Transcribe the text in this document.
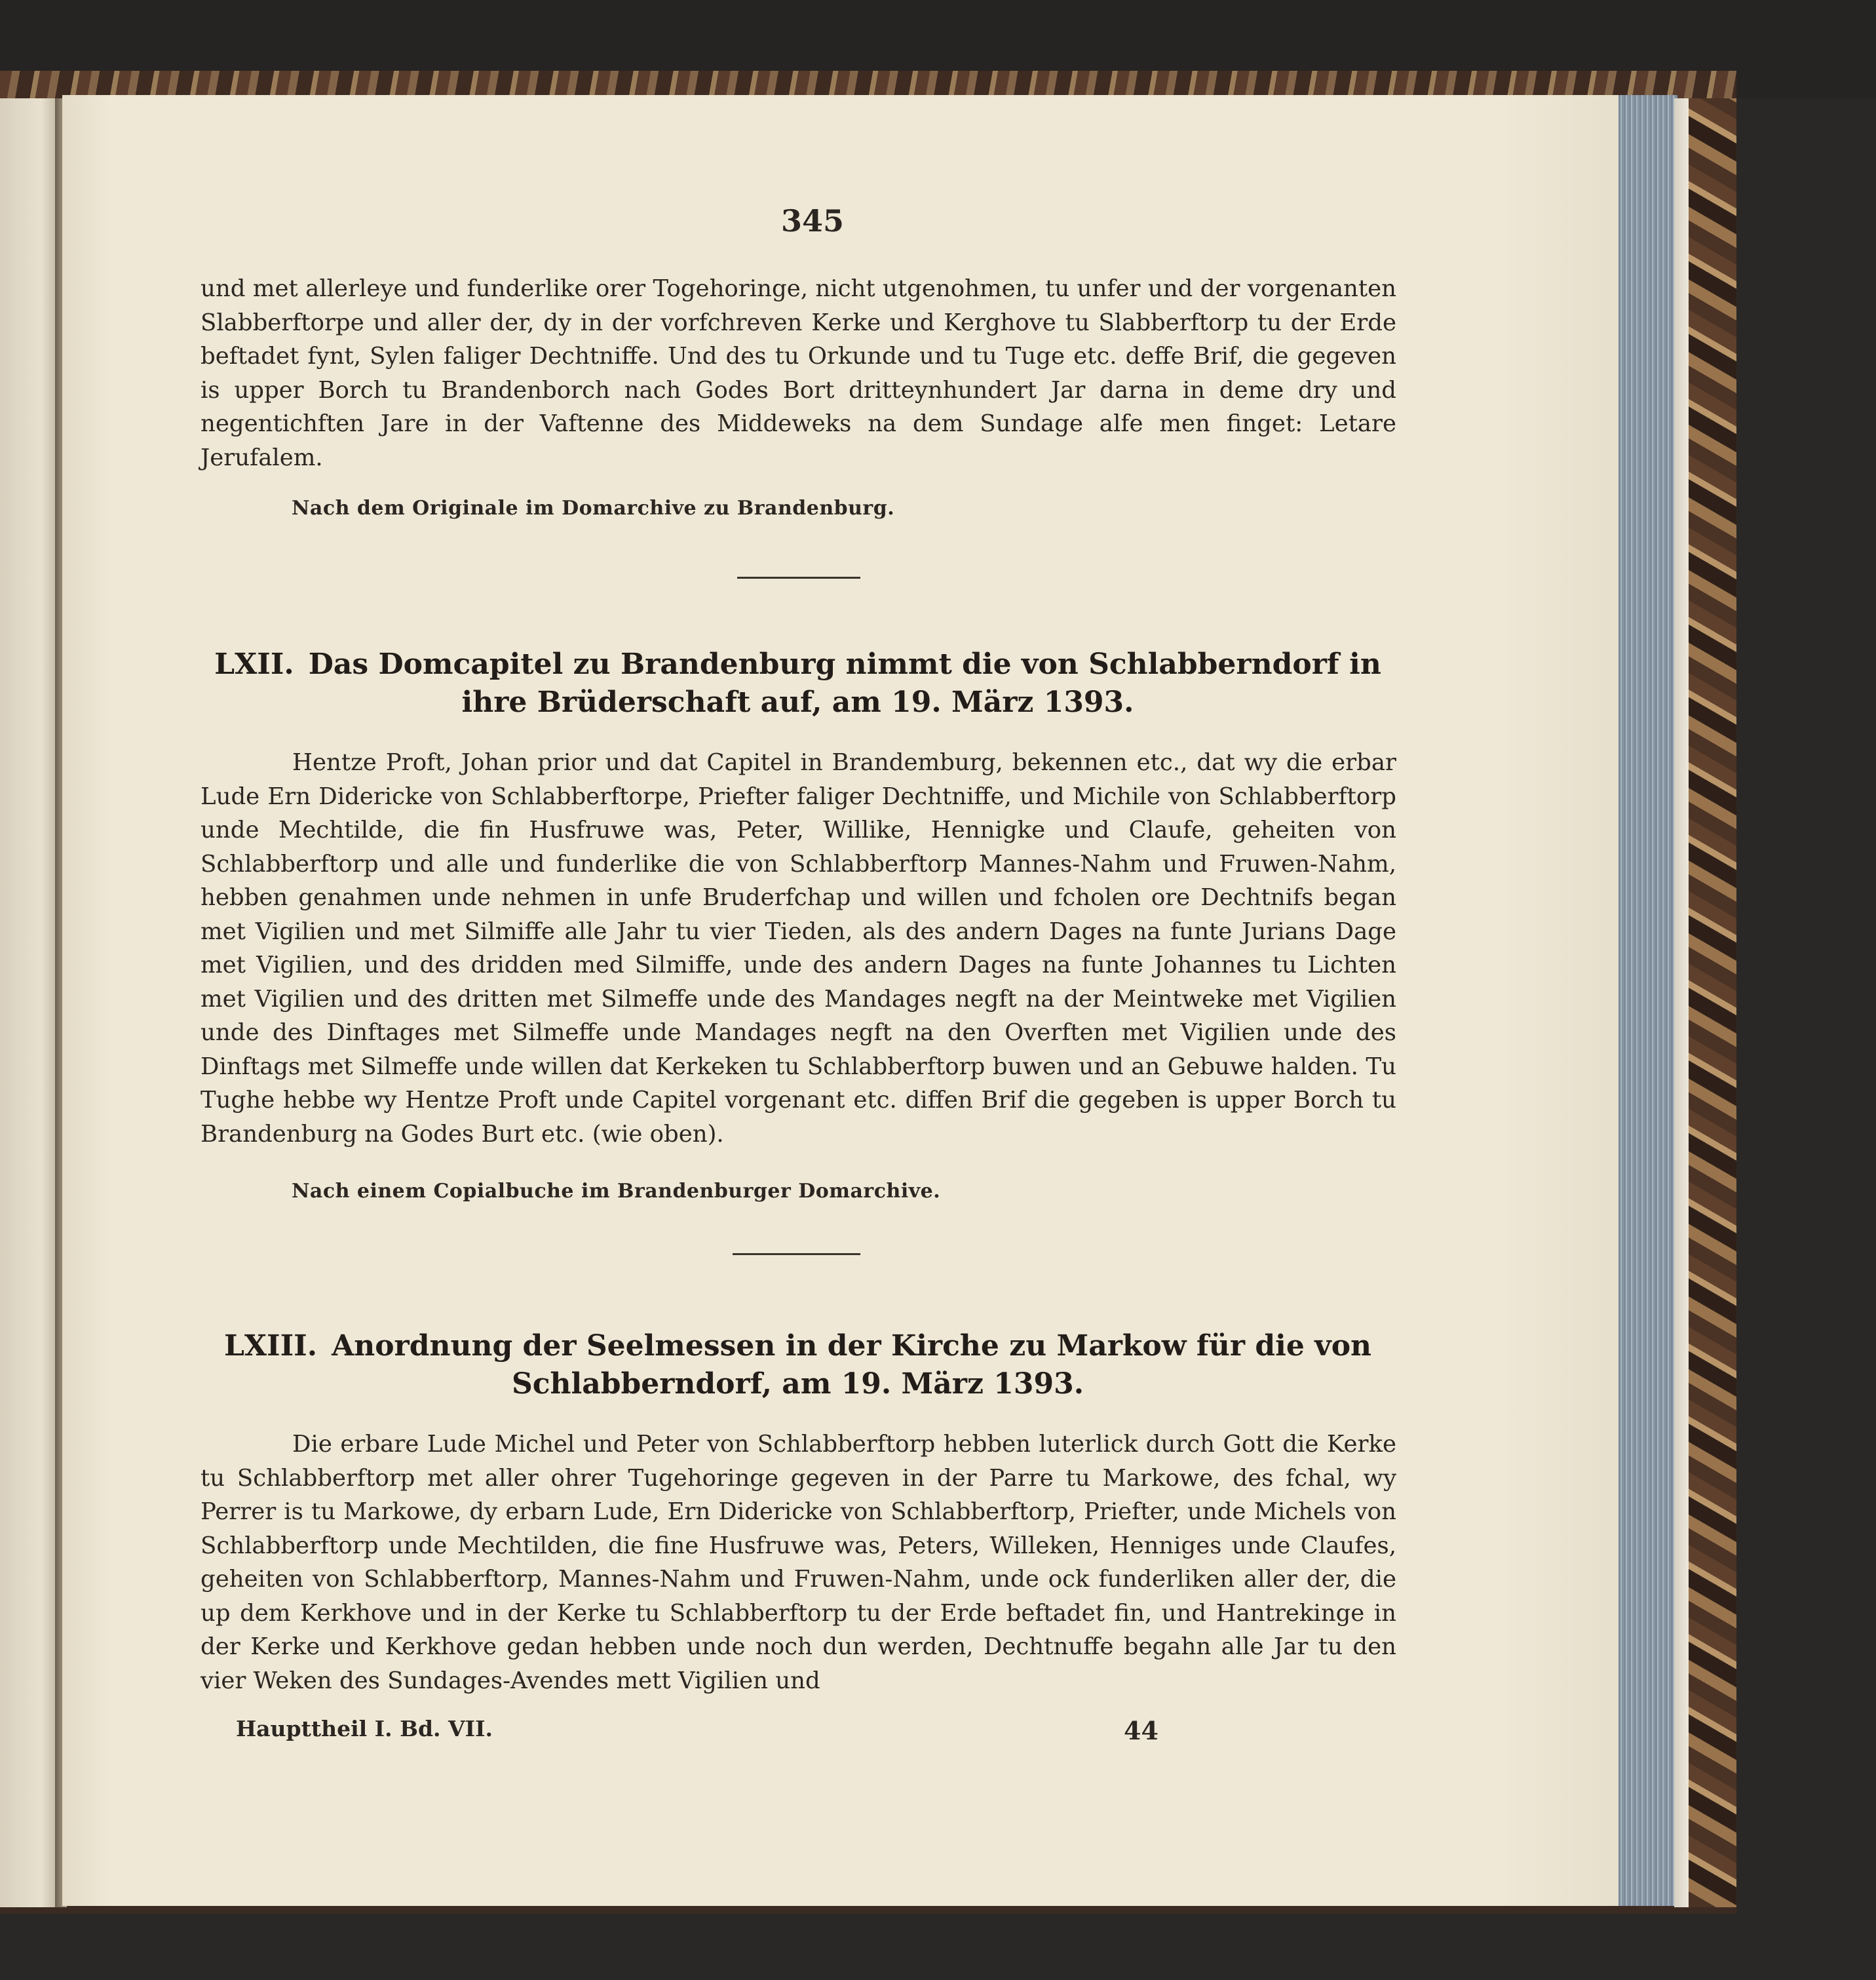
345

und met allerleye und funderlike orer Togehoringe, nicht utgenohmen, tu unfer und der vorgenanten Slabberftorpe und aller der, dy in der vorfchreven Kerke und Kerghove tu Slabberftorp tu der Erde beftadet fynt, Sylen faliger Dechtniffe. Und des tu Orkunde und tu Tuge etc. deffe Brif, die gegeven is upper Borch tu Brandenborch nach Godes Bort dritteynhundert Jar darna in deme dry und negentichften Jare in der Vaftenne des Middeweks na dem Sundage alfe men finget: Letare Jerufalem.

Nach dem Originale im Domarchive zu Brandenburg.
LXII. Das Domcapitel zu Brandenburg nimmt die von Schlabberndorf in ihre Brüderschaft auf, am 19. März 1393.

Hentze Proft, Johan prior und dat Capitel in Brandemburg, bekennen etc., dat wy die erbar Lude Ern Didericke von Schlabberftorpe, Priefter faliger Dechtniffe, und Michile von Schlabberftorp unde Mechtilde, die fin Husfruwe was, Peter, Willike, Hennigke und Claufe, geheiten von Schlabberftorp und alle und funderlike die von Schlabberftorp Mannes-Nahm und Fruwen-Nahm, hebben genahmen unde nehmen in unfe Bruderfchap und willen und fcholen ore Dechtnifs began met Vigilien und met Silmiffe alle Jahr tu vier Tieden, als des andern Dages na funte Jurians Dage met Vigilien, und des dridden med Silmiffe, unde des andern Dages na funte Johannes tu Lichten met Vigilien und des dritten met Silmeffe unde des Mandages negft na der Meintweke met Vigilien unde des Dinftages met Silmeffe unde Mandages negft na den Overften met Vigilien unde des Dinftags met Silmeffe unde willen dat Kerkeken tu Schlabberftorp buwen und an Gebuwe halden. Tu Tughe hebbe wy Hentze Proft unde Capitel vorgenant etc. diffen Brif die gegeben is upper Borch tu Brandenburg na Godes Burt etc. (wie oben).

Nach einem Copialbuche im Brandenburger Domarchive.
LXIII. Anordnung der Seelmessen in der Kirche zu Markow für die von Schlabberndorf, am 19. März 1393.

Die erbare Lude Michel und Peter von Schlabberftorp hebben luterlick durch Gott die Kerke tu Schlabberftorp met aller ohrer Tugehoringe gegeven in der Parre tu Markowe, des fchal, wy Perrer is tu Markowe, dy erbarn Lude, Ern Didericke von Schlabberftorp, Priefter, unde Michels von Schlabberftorp unde Mechtilden, die fine Husfruwe was, Peters, Willeken, Henniges unde Claufes, geheiten von Schlabberftorp, Mannes-Nahm und Fruwen-Nahm, unde ock funderliken aller der, die up dem Kerkhove und in der Kerke tu Schlabberftorp tu der Erde beftadet fin, und Hantrekinge in der Kerke und Kerkhove gedan hebben unde noch dun werden, Dechtnuffe begahn alle Jar tu den vier Weken des Sundages-Avendes mett Vigilien und

Haupttheil I. Bd. VII.	44
